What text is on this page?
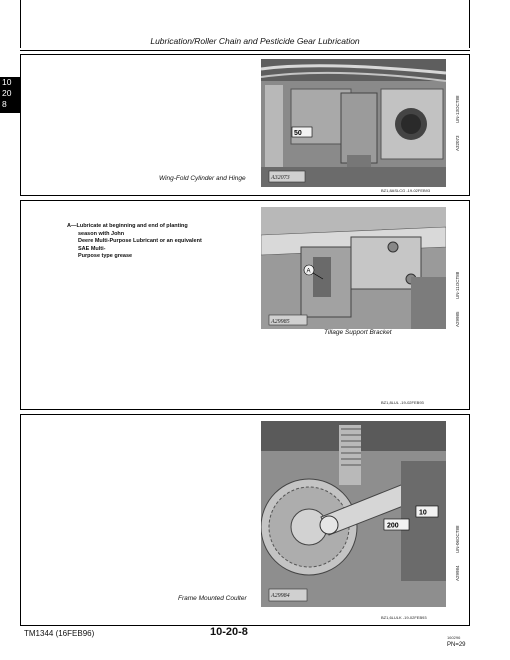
Lubrication/Roller Chain and Pesticide Gear Lubrication
10
20
8
Wing-Fold Cylinder and Hinge	A32073
50
A32073          UN-13OCT88
BZ1,8ASLCG -19-02FEB93
A—Lubricate at beginning and end of planting
season with John
Deere Multi-Purpose Lubricant or an equivalent
SAE Multi-
Purpose type grease
A29985
A
Tillage Support Bracket
A29985          UN-11OCT88
BZ1,8LUL -19-02FEB93
Frame Mounted Coulter	A29984
10
200
A29984          UN-06OCT88
BZ1,6LULK -19-02FEB93
TM1344 (16FEB96)	10-20-8	160296
PN=29
